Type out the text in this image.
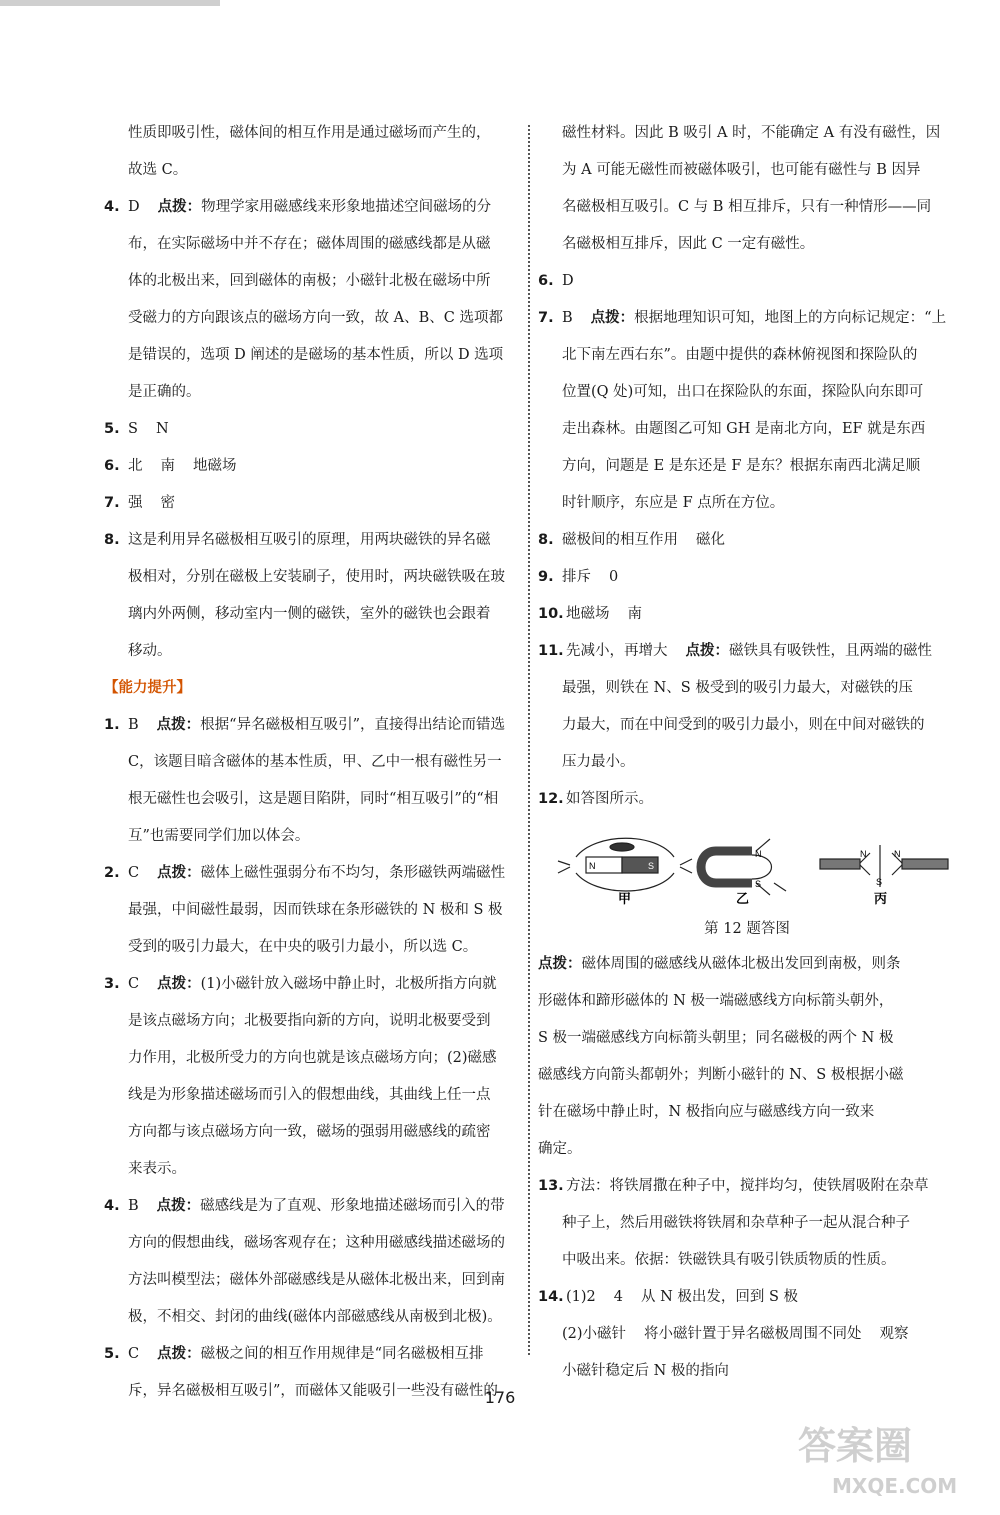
性质即吸引性，磁体间的相互作用是通过磁场而产生的，
故选 C。
4. D 点拨：物理学家用磁感线来形象地描述空间磁场的分
布，在实际磁场中并不存在；磁体周围的磁感线都是从磁
体的北极出来，回到磁体的南极；小磁针北极在磁场中所
受磁力的方向跟该点的磁场方向一致，故 A、B、C 选项都
是错误的，选项 D 阐述的是磁场的基本性质，所以 D 选项
是正确的。
5. S N
6. 北 南 地磁场
7. 强 密
8. 这是利用异名磁极相互吸引的原理，用两块磁铁的异名磁
极相对，分别在磁极上安装刷子，使用时，两块磁铁吸在玻
璃内外两侧，移动室内一侧的磁铁，室外的磁铁也会跟着
移动。
【能力提升】
1. B 点拨：根据“异名磁极相互吸引”，直接得出结论而错选
C，该题目暗含磁体的基本性质，甲、乙中一根有磁性另一
根无磁性也会吸引，这是题目陷阱，同时“相互吸引”的“相
互”也需要同学们加以体会。
2. C 点拨：磁体上磁性强弱分布不均匀，条形磁铁两端磁性
最强，中间磁性最弱，因而铁球在条形磁铁的 N 极和 S 极
受到的吸引力最大，在中央的吸引力最小，所以选 C。
3. C 点拨：(1)小磁针放入磁场中静止时，北极所指方向就
是该点磁场方向；北极要指向新的方向，说明北极要受到
力作用，北极所受力的方向也就是该点磁场方向；(2)磁感
线是为形象描述磁场而引入的假想曲线，其曲线上任一点
方向都与该点磁场方向一致，磁场的强弱用磁感线的疏密
来表示。
4. B 点拨：磁感线是为了直观、形象地描述磁场而引入的带
方向的假想曲线，磁场客观存在；这种用磁感线描述磁场的
方法叫模型法；磁体外部磁感线是从磁体北极出来，回到南
极，不相交、封闭的曲线(磁体内部磁感线从南极到北极)。
5. C 点拨：磁极之间的相互作用规律是“同名磁极相互排
斥，异名磁极相互吸引”，而磁体又能吸引一些没有磁性的
磁性材料。因此 B 吸引 A 时，不能确定 A 有没有磁性，因
为 A 可能无磁性而被磁体吸引，也可能有磁性与 B 因异
名磁极相互吸引。C 与 B 相互排斥，只有一种情形——同
名磁极相互排斥，因此 C 一定有磁性。
6. D
7. B 点拨：根据地理知识可知，地图上的方向标记规定：“上
北下南左西右东”。由题中提供的森林俯视图和探险队的
位置(Q 处)可知，出口在探险队的东面，探险队向东即可
走出森林。由题图乙可知 GH 是南北方向，EF 就是东西
方向，问题是 E 是东还是 F 是东？根据东南西北满足顺
时针顺序，东应是 F 点所在方位。
8. 磁极间的相互作用 磁化
9. 排斥 0
10. 地磁场 南
11. 先减小，再增大 点拨：磁铁具有吸铁性，且两端的磁性
最强，则铁在 N、S 极受到的吸引力最大，对磁铁的压
力最大，而在中间受到的吸引力最小，则在中间对磁铁的
压力最小。
12. 如答图所示。
N	S
N
S
N	N
S
甲	乙	丙
第 12 题答图
点拨：磁体周围的磁感线从磁体北极出发回到南极，则条
形磁体和蹄形磁体的 N 极一端磁感线方向标箭头朝外，
S 极一端磁感线方向标箭头朝里；同名磁极的两个 N 极
磁感线方向箭头都朝外；判断小磁针的 N、S 极根据小磁
针在磁场中静止时，N 极指向应与磁感线方向一致来
确定。
13. 方法：将铁屑撒在种子中，搅拌均匀，使铁屑吸附在杂草
种子上，然后用磁铁将铁屑和杂草种子一起从混合种子
中吸出来。依据：铁磁铁具有吸引铁质物质的性质。
14. (1)2 4 从 N 极出发，回到 S 极
(2)小磁针 将小磁针置于异名磁极周围不同处 观察
小磁针稳定后 N 极的指向
176
答案圈
MXQE.COM
